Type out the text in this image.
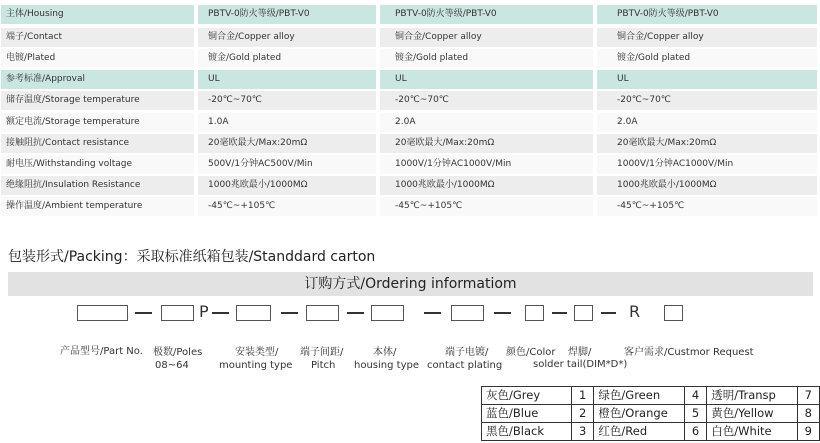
主体/Housing	PBTV-0防火等级/PBT-V0	PBTV-0防火等级/PBT-V0	PBTV-0防火等级/PBT-V0
端子/Contact	铜合金/Copper alloy	铜合金/Copper alloy	铜合金/Copper alloy
电镀/Plated	镀金/Gold plated	镀金/Gold plated	镀金/Gold plated
参考标准/Approval	UL	UL	UL
储存温度/Storage temperature	-20℃~70℃	-20℃~70℃	-20℃~70℃
额定电流/Storage temperature	1.0A	2.0A	2.0A
接触阻抗/Contact resistance	20毫欧最大/Max:20mΩ	20毫欧最大/Max:20mΩ	20毫欧最大/Max:20mΩ
耐电压/Withstanding voltage	500V/1分钟AC500V/Min	1000V/1分钟AC1000V/Min	1000V/1分钟AC1000V/Min
绝缘阻抗/Insulation Resistance	1000兆欧最小/1000MΩ	1000兆欧最小/1000MΩ	1000兆欧最小/1000MΩ
操作温度/Ambient temperature	-45℃~+105℃	-45℃~+105℃	-45℃~+105℃
包装形式/Packing：采取标准纸箱包装/Standdard carton
订购方式/Ordering informatiom
P	R
产品型号/Part No. 极数/Poles
08~64
安装类型/
mounting type
端子间距/
Pitch
本体/
housing type
端子电镀/
contact plating
颜色/Color 焊脚/
solder tail(DIM*D*)
客户需求/Custmor Request
灰色/Grey	1	绿色/Green	4	透明/Transp	7
蓝色/Blue	2	橙色/Orange	5	黄色/Yellow	8
黑色/Black	3	红色/Red	6	白色/White	9
